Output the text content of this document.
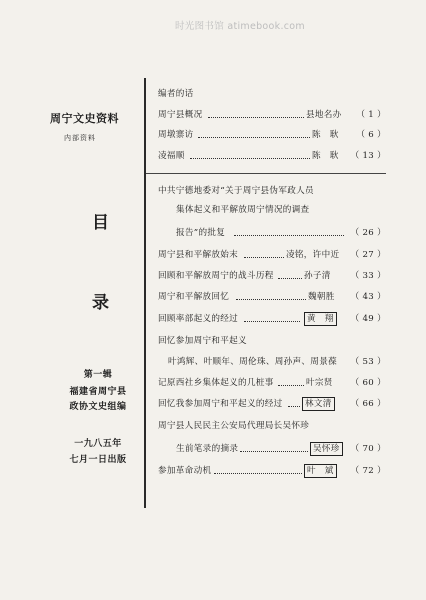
时光图书馆 atimebook.com
周宁文史资料
内部资料
目
录
第一辑
福建省周宁县
政协文史组编
一九八五年
七月一日出版
编者的话
周宁县概况	县地名办 （ 1 ）
周墩寨访	陈　耿 （ 6 ）
凌福顺	陈　耿 （ 13 ）
中共宁德地委对“关于周宁县伪军政人员
集体起义和平解放周宁情况的调查
报告”的批复	（ 26 ）
周宁县和平解放始末	凌铭，许中近 （ 27 ）
回顾和平解放周宁的战斗历程	孙子清 （ 33 ）
周宁和平解放回忆	魏朝胜 （ 43 ）
回顾率部起义的经过	黄　翔	（ 49 ）
回忆参加周宁和平起义
叶鸿辉、叶顺年、周伦珠、周孙声、周景葆 （ 53 ）
记原西社乡集体起义的几桩事	叶宗贤 （ 60 ）
回忆我参加周宁和平起义的经过	林文清	（ 66 ）
周宁县人民民主公安局代理局长吴怀珍
生前笔录的摘录	吴怀珍	（ 70 ）
参加革命动机	叶　斌	（ 72 ）
